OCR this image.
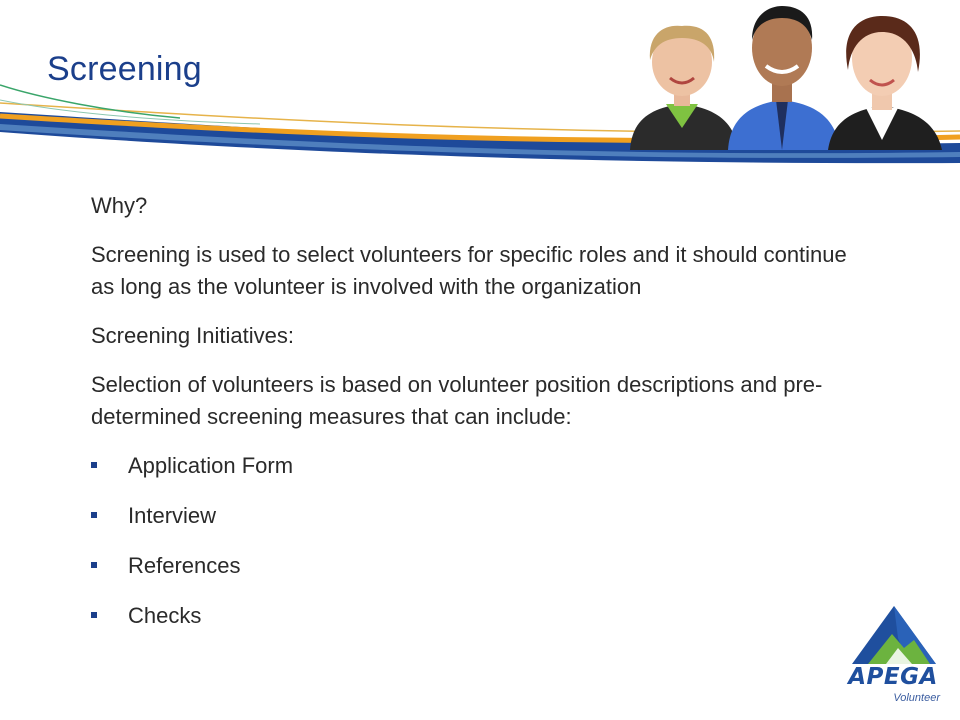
Screening

Why?

Screening is used to select volunteers for specific roles and it should continue as long as the volunteer is involved with the organization

Screening Initiatives:

Selection of volunteers is based on volunteer position descriptions and pre- determined screening measures that can include:

Application Form
Interview
References
Checks
APEGA
Volunteer
